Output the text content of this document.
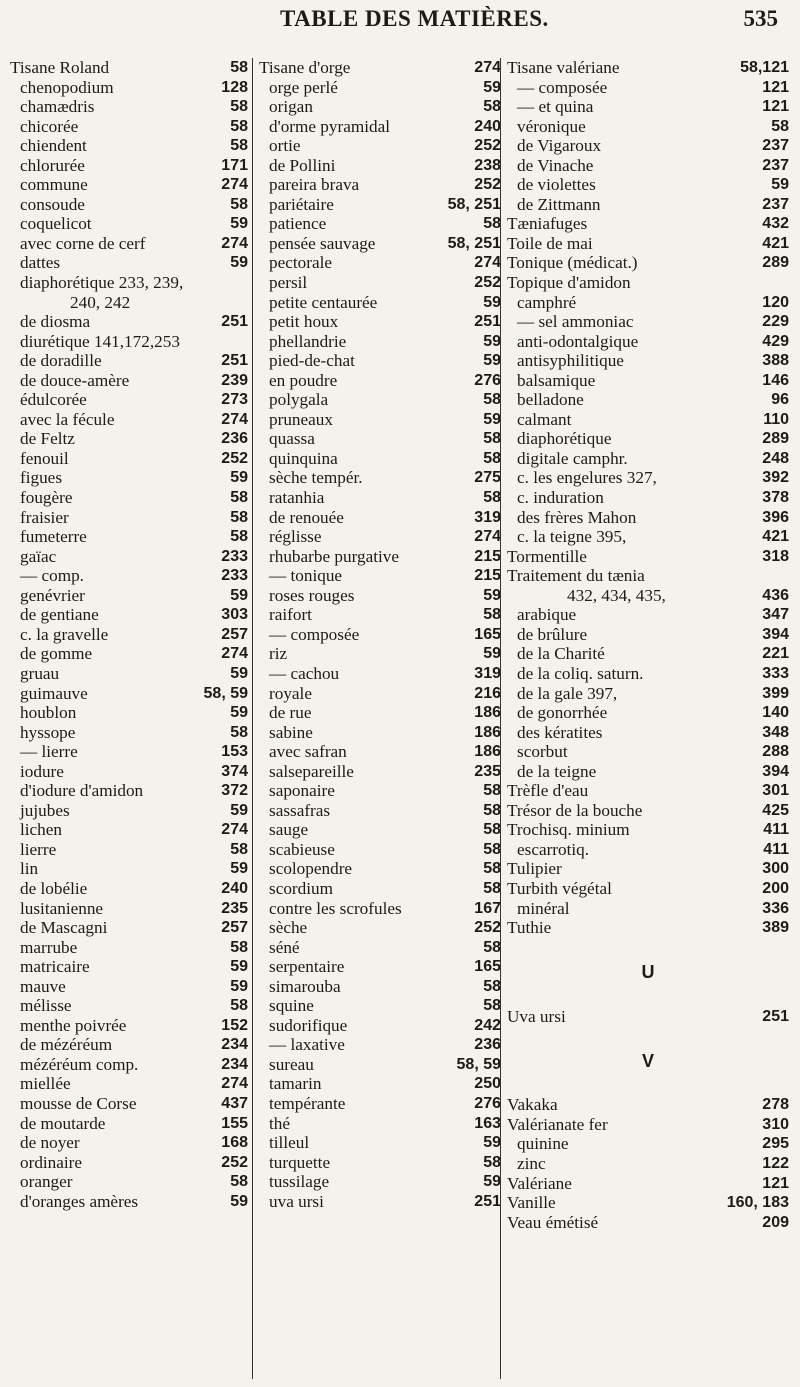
TABLE DES MATIÈRES.	535
Tisane Roland	58
chenopodium	128
chamædris	58
chicorée	58
chiendent	58
chlorurée	171
commune	274
consoude	58
coquelicot	59
avec corne de cerf	274
dattes	59
diaphorétique 233, 239,
240, 242
de diosma	251
diurétique 141,172,253
de doradille	251
de douce-amère	239
édulcorée	273
avec la fécule	274
de Feltz	236
fenouil	252
figues	59
fougère	58
fraisier	58
fumeterre	58
gaïac	233
— comp.	233
genévrier	59
de gentiane	303
c. la gravelle	257
de gomme	274
gruau	59
guimauve	58, 59
houblon	59
hyssope	58
— lierre	153
iodure	374
d'iodure d'amidon	372
jujubes	59
lichen	274
lierre	58
lin	59
de lobélie	240
lusitanienne	235
de Mascagni	257
marrube	58
matricaire	59
mauve	59
mélisse	58
menthe poivrée	152
de mézéréum	234
mézéréum comp.	234
miellée	274
mousse de Corse	437
de moutarde	155
de noyer	168
ordinaire	252
oranger	58
d'oranges amères	59
Tisane d'orge	274
orge perlé	59
origan	58
d'orme pyramidal	240
ortie	252
de Pollini	238
pareira brava	252
pariétaire	58, 251
patience	58
pensée sauvage	58, 251
pectorale	274
persil	252
petite centaurée	59
petit houx	251
phellandrie	59
pied-de-chat	59
en poudre	276
polygala	58
pruneaux	59
quassa	58
quinquina	58
sèche tempér.	275
ratanhia	58
de renouée	319
réglisse	274
rhubarbe purgative	215
— tonique	215
roses rouges	59
raifort	58
— composée	165
riz	59
— cachou	319
royale	216
de rue	186
sabine	186
avec safran	186
salsepareille	235
saponaire	58
sassafras	58
sauge	58
scabieuse	58
scolopendre	58
scordium	58
contre les scrofules	167
sèche	252
séné	58
serpentaire	165
simarouba	58
squine	58
sudorifique	242
— laxative	236
sureau	58, 59
tamarin	250
tempérante	276
thé	163
tilleul	59
turquette	58
tussilage	59
uva ursi	251
Tisane valériane	58,121
— composée	121
— et quina	121
véronique	58
de Vigaroux	237
de Vinache	237
de violettes	59
de Zittmann	237
Tæniafuges	432
Toile de mai	421
Tonique (médicat.)	289
Topique d'amidon
camphré	120
— sel ammoniac	229
anti-odontalgique	429
antisyphilitique	388
balsamique	146
belladone	96
calmant	110
diaphorétique	289
digitale camphr.	248
c. les engelures 327,	392
c. induration	378
des frères Mahon	396
c. la teigne 395,	421
Tormentille	318
Traitement du tænia
432, 434, 435,	436
arabique	347
de brûlure	394
de la Charité	221
de la coliq. saturn.	333
de la gale 397,	399
de gonorrhée	140
des kératites	348
scorbut	288
de la teigne	394
Trèfle d'eau	301
Trésor de la bouche	425
Trochisq. minium	411
escarrotiq.	411
Tulipier	300
Turbith végétal	200
minéral	336
Tuthie	389
U
Uva ursi	251
V
Vakaka	278
Valérianate fer	310
quinine	295
zinc	122
Valériane	121
Vanille	160, 183
Veau émétisé	209
